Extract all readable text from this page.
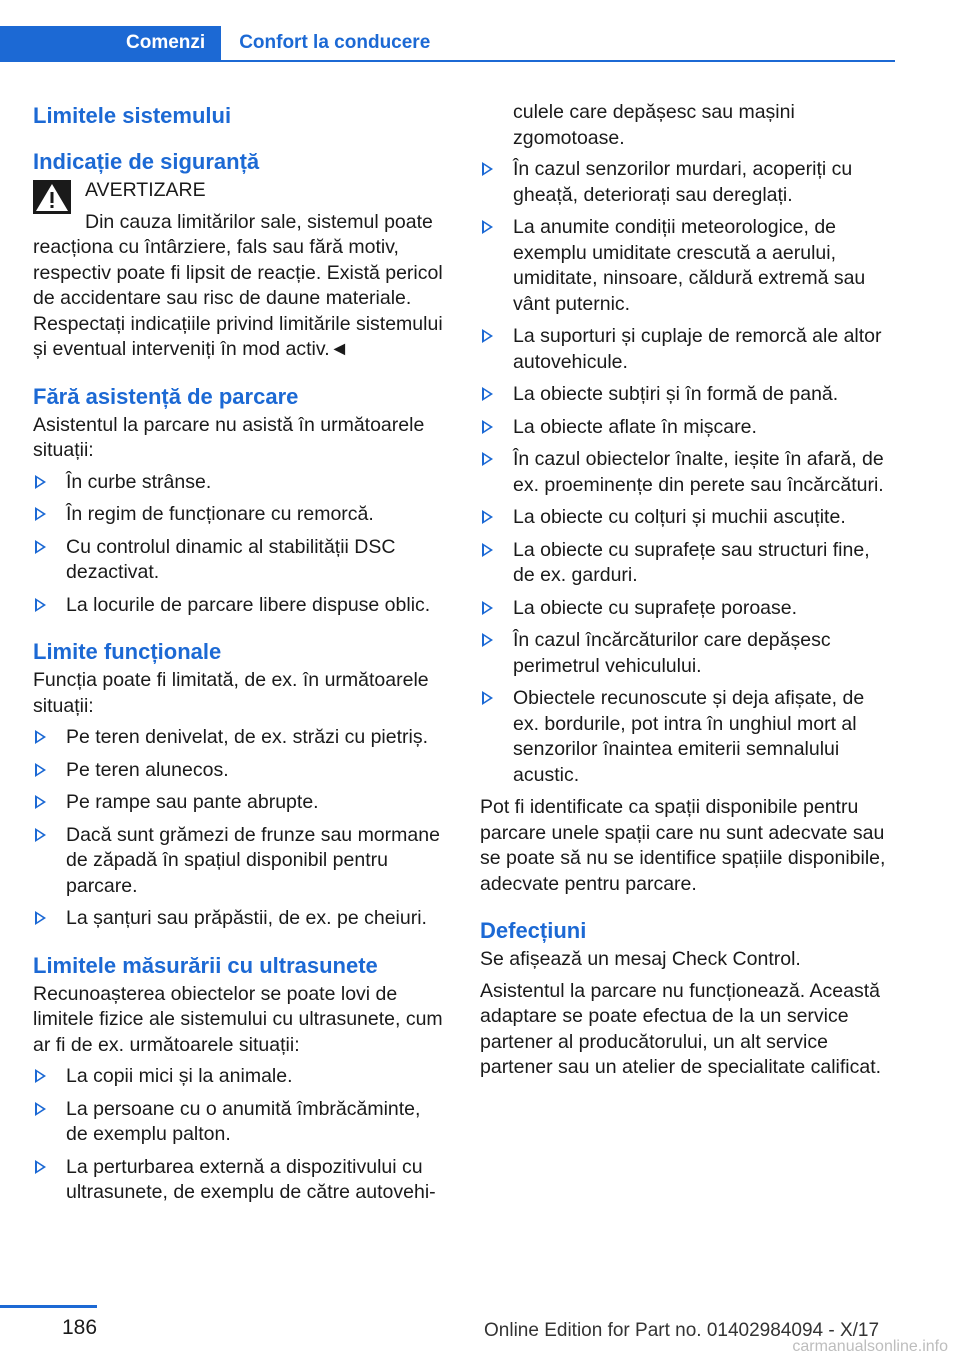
Comenzi	Confort la conducere
Limitele sistemului
Indicație de siguranță
AVERTIZARE
Din cauza limitărilor sale, sistemul poate reacționa cu întârziere, fals sau fără motiv, respectiv poate fi lipsit de reacție. Există pericol de accidentare sau risc de daune materiale. Respectați indicațiile privind limitările sistemului și eventual interveniți în mod activ.◄
Fără asistență de parcare

Asistentul la parcare nu asistă în următoarele situații:

În curbe strânse.
În regim de funcționare cu remorcă.
Cu controlul dinamic al stabilității DSC dezactivat.
La locurile de parcare libere dispuse oblic.
Limite funcționale

Funcția poate fi limitată, de ex. în următoarele situații:

Pe teren denivelat, de ex. străzi cu pietriș.
Pe teren alunecos.
Pe rampe sau pante abrupte.
Dacă sunt grămezi de frunze sau mormane de zăpadă în spațiul disponibil pentru parcare.
La șanțuri sau prăpăstii, de ex. pe cheiuri.
Limitele măsurării cu ultrasunete

Recunoașterea obiectelor se poate lovi de limitele fizice ale sistemului cu ultrasunete, cum ar fi de ex. următoarele situații:

La copii mici și la animale.
La persoane cu o anumită îmbrăcăminte, de exemplu palton.
La perturbarea externă a dispozitivului cu ultrasunete, de exemplu de către autovehi-

culele care depășesc sau mașini zgomotoase.

În cazul senzorilor murdari, acoperiți cu gheață, deteriorați sau dereglați.
La anumite condiții meteorologice, de exemplu umiditate crescută a aerului, umiditate, ninsoare, căldură extremă sau vânt puternic.
La suporturi și cuplaje de remorcă ale altor autovehicule.
La obiecte subțiri și în formă de pană.
La obiecte aflate în mișcare.
În cazul obiectelor înalte, ieșite în afară, de ex. proeminențe din perete sau încărcături.
La obiecte cu colțuri și muchii ascuțite.
La obiecte cu suprafețe sau structuri fine, de ex. garduri.
La obiecte cu suprafețe poroase.
În cazul încărcăturilor care depășesc perimetrul vehiculului.
Obiectele recunoscute și deja afișate, de ex. bordurile, pot intra în unghiul mort al senzorilor înaintea emiterii semnalului acustic.

Pot fi identificate ca spații disponibile pentru parcare unele spații care nu sunt adecvate sau se poate să nu se identifice spațiile disponibile, adecvate pentru parcare.

Defecțiuni

Se afișează un mesaj Check Control.

Asistentul la parcare nu funcționează. Această adaptare se poate efectua de la un service partener al producătorului, un alt service partener sau un atelier de specialitate calificat.

186	Online Edition for Part no. 01402984094 - X/17
carmanualsonline.info
